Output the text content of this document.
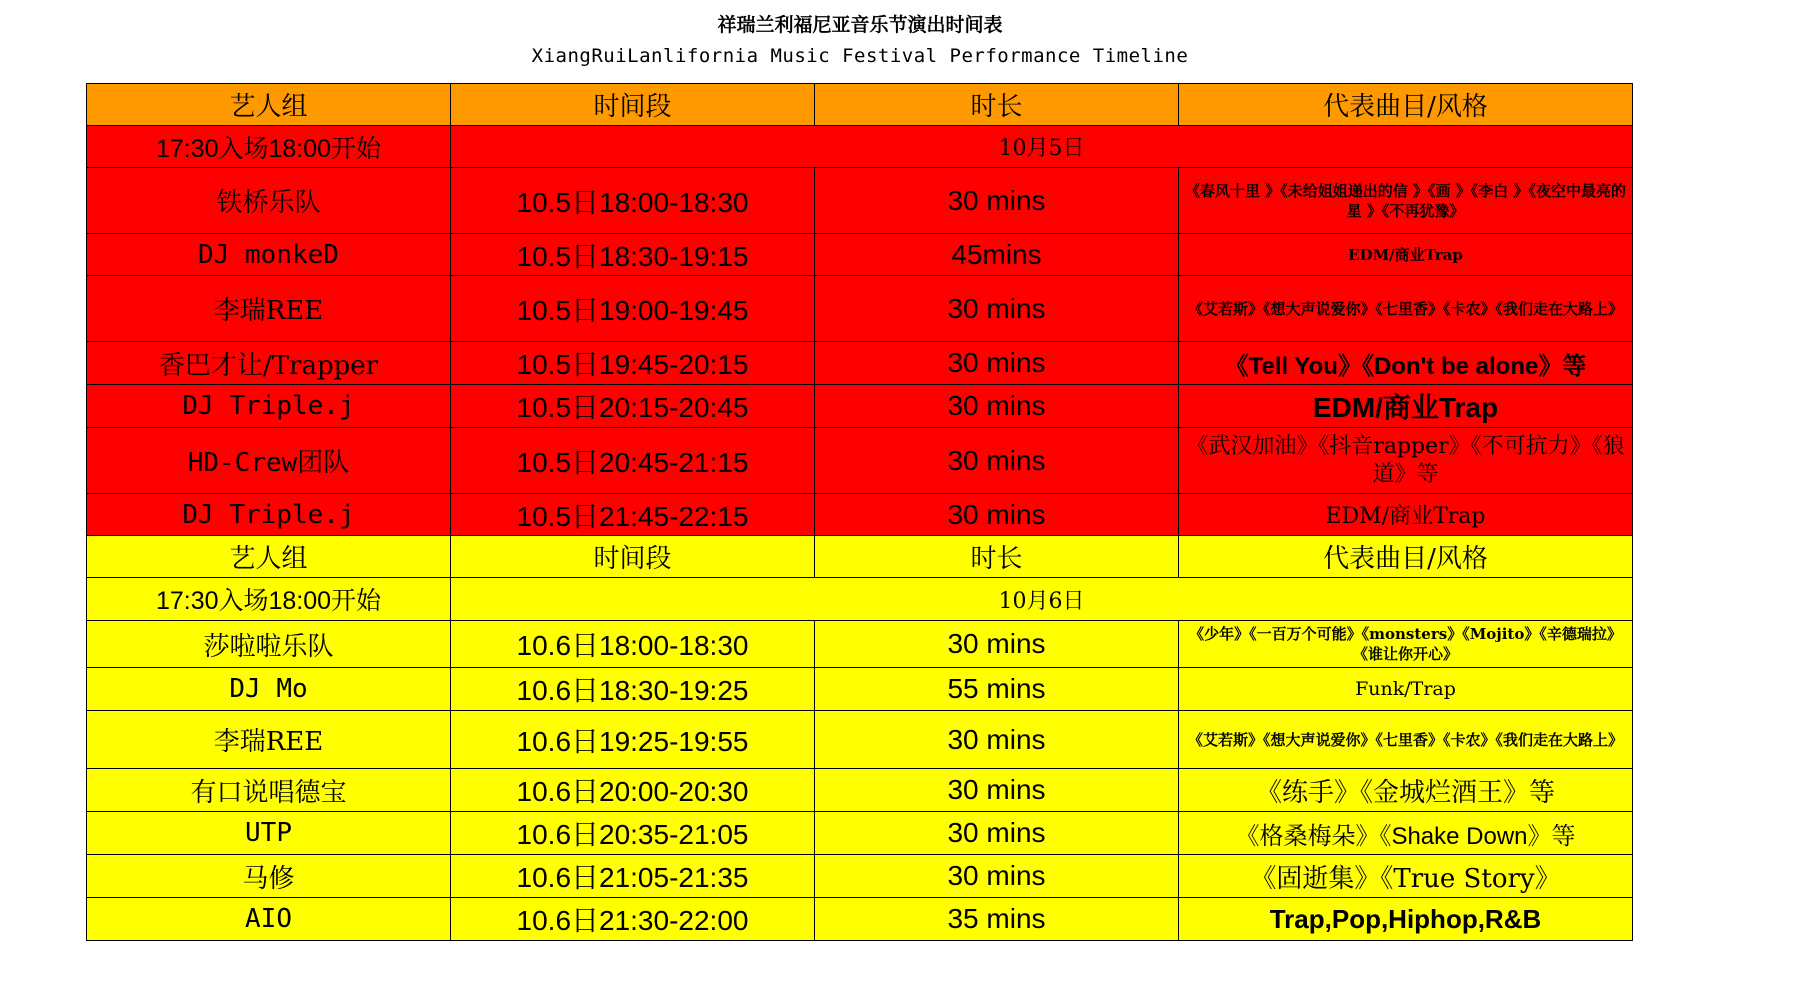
祥瑞兰利福尼亚音乐节演出时间表
XiangRuiLanlifornia Music Festival Performance Timeline
艺人组	时间段	时长	代表曲目/风格
17:30入场18:00开始	10月5日		
铁桥乐队	10.5日18:00-18:30	30 mins	《春风十里 》《未给姐姐递出的信 》《画 》《李白 》《夜空中最亮的星 》《不再犹豫》
DJ monkeD	10.5日18:30-19:15	45mins	EDM/商业Trap
李瑞REE	10.5日19:00-19:45	30 mins	《艾若斯》《想大声说爱你》《七里香》《卡农》《我们走在大路上》
香巴才让/Trapper	10.5日19:45-20:15	30 mins	《Tell You》《Don't be alone》等
DJ Triple.j	10.5日20:15-20:45	30 mins	EDM/商业Trap
HD-Crew团队	10.5日20:45-21:15	30 mins	《武汉加油》《抖音rapper》《不可抗力》《狼道》等
DJ Triple.j	10.5日21:45-22:15	30 mins	EDM/商业Trap
艺人组	时间段	时长	代表曲目/风格
17:30入场18:00开始	10月6日		
莎啦啦乐队	10.6日18:00-18:30	30 mins	《少年》《一百万个可能》《monsters》《Mojito》《辛德瑞拉》《谁让你开心》
DJ Mo	10.6日18:30-19:25	55 mins	Funk/Trap
李瑞REE	10.6日19:25-19:55	30 mins	《艾若斯》《想大声说爱你》《七里香》《卡农》《我们走在大路上》
有口说唱德宝	10.6日20:00-20:30	30 mins	《练手》《金城烂酒王》等
UTP	10.6日20:35-21:05	30 mins	《格桑梅朵》《Shake Down》等
马修	10.6日21:05-21:35	30 mins	《固逝集》《True Story》
AIO	10.6日21:30-22:00	35 mins	Trap,Pop,Hiphop,R&B
